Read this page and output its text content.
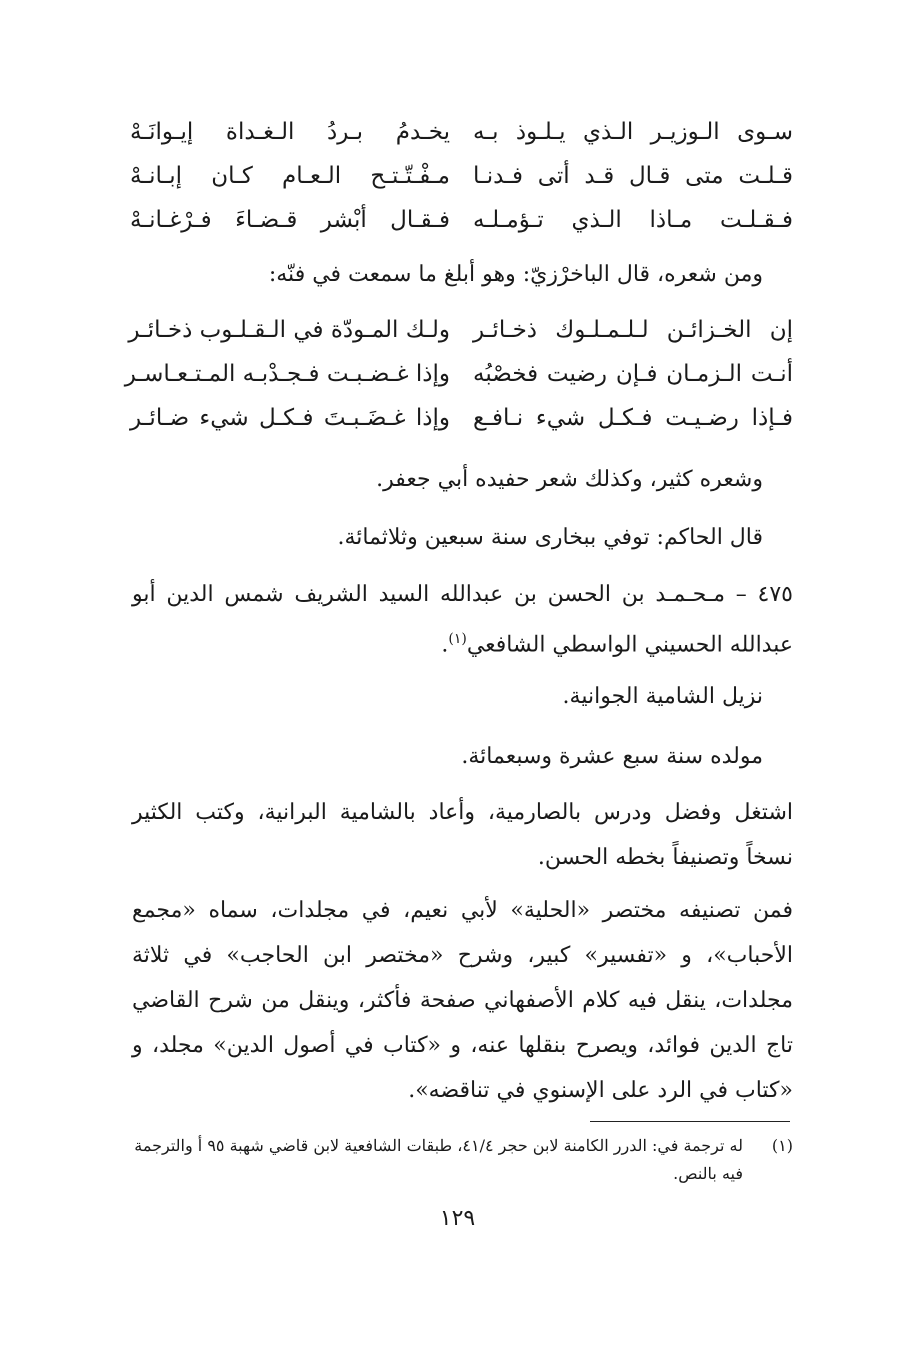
سـوى الـوزيـر الـذي يـلـوذ بـه
يخـدمُ بـردُ الـغـداة إيـوانَـهْ
قـلـت متى قـال قـد أتى فـدنـا
مـفْـتّـتـح الـعـام كـان إبـانـهْ
فـقـلـت مـاذا الـذي تـؤمـلـه
فـقـال أبْشر قـضـاءَ فـرْغـانـهْ
ومن شعره، قال الباخرْزيّ: وهو أبلغ ما سمعت في فنّه:
إن الخـزائـن لـلـمـلـوك ذخـائـر
ولـك المـودّة في الـقـلـوب ذخـائـر
أنـت الـزمـان فـإن رضيت فخصْبُه
وإذا غـضـبـت فـجـدْبـه المـتـعـاسـر
فـإذا رضـيـت فـكـل شيء نـافـع
وإذا غـضَـبـتَ فـكـل شيء ضـائـر
وشعره كثير، وكذلك شعر حفيده أبي جعفر.
قال الحاكم: توفي ببخارى سنة سبعين وثلاثمائة.
٤٧٥ – مـحـمـد بن الحسن بن عبدالله السيد الشريف شمس الدين أبو عبدالله الحسيني الواسطي الشافعي$^{(١)}$.
نزيل الشامية الجوانية.
مولده سنة سبع عشرة وسبعمائة.
اشتغل وفضل ودرس بالصارمية، وأعاد بالشامية البرانية، وكتب الكثير نسخاً وتصنيفاً بخطه الحسن.
فمن تصنيفه مختصر «الحلية» لأبي نعيم، في مجلدات، سماه «مجمع الأحباب»، و «تفسير» كبير، وشرح «مختصر ابن الحاجب» في ثلاثة مجلدات، ينقل فيه كلام الأصفهاني صفحة فأكثر، وينقل من شرح القاضي تاج الدين فوائد، ويصرح بنقلها عنه، و «كتاب في أصول الدين» مجلد، و «كتاب في الرد على الإسنوي في تناقضه».
(١)
له ترجمة في: الدرر الكامنة لابن حجر ٤١/٤، طبقات الشافعية لابن قاضي شهبة ٩٥ أ والترجمة فيه بالنص.
١٢٩
